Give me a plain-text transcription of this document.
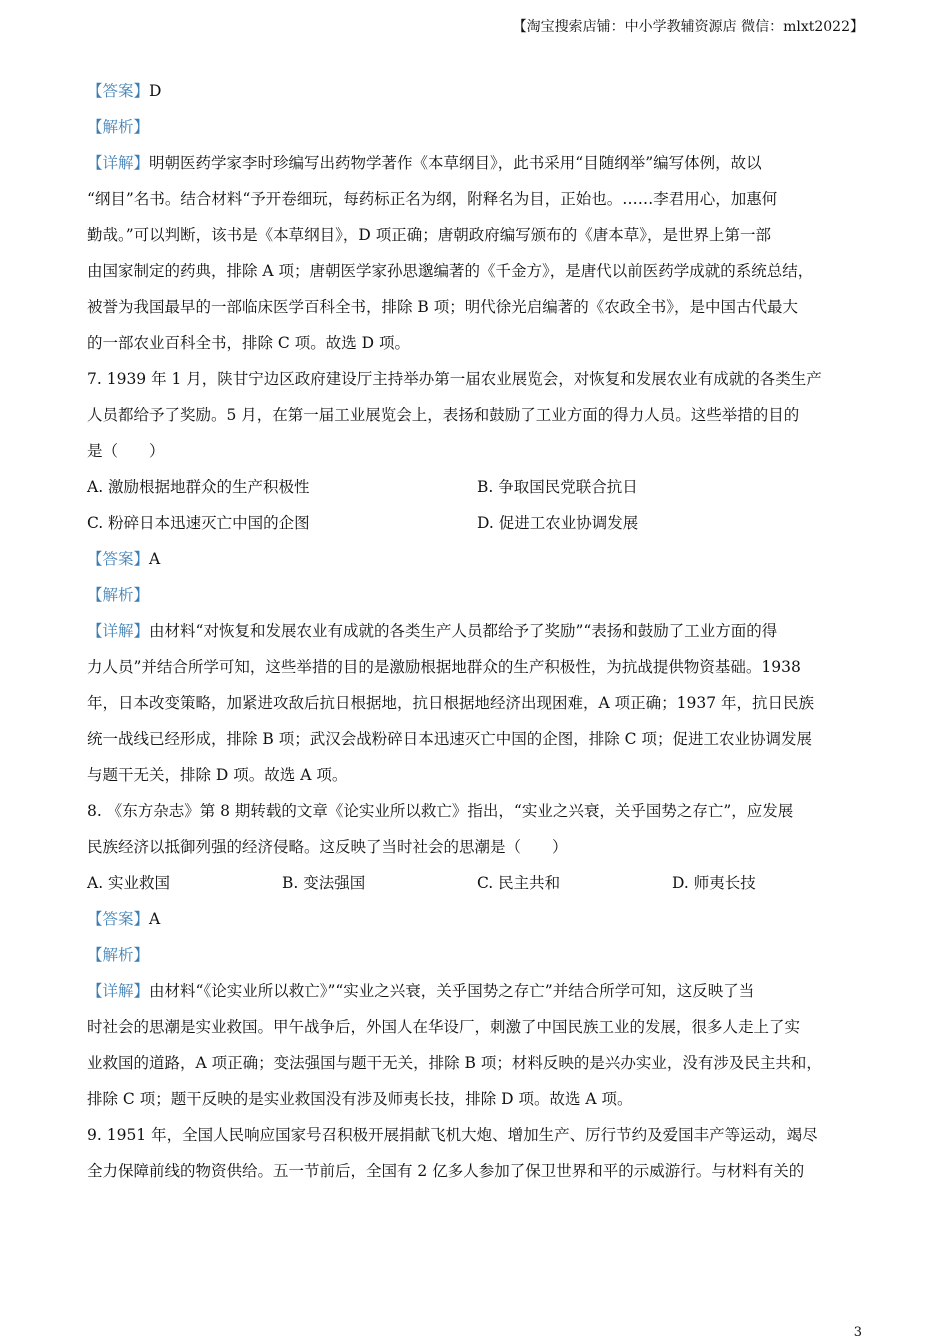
【淘宝搜索店铺：中小学教辅资源店 微信：mlxt2022】
【答案】D
【解析】
【详解】明朝医药学家李时珍编写出药物学著作《本草纲目》，此书采用“目随纲举”编写体例，故以
“纲目”名书。结合材料“予开卷细玩，每药标正名为纲，附释名为目，正始也。……李君用心，加惠何
勤哉。”可以判断，该书是《本草纲目》，D 项正确；唐朝政府编写颁布的《唐本草》，是世界上第一部
由国家制定的药典，排除 A 项；唐朝医学家孙思邈编著的《千金方》，是唐代以前医药学成就的系统总结，
被誉为我国最早的一部临床医学百科全书，排除 B 项；明代徐光启编著的《农政全书》，是中国古代最大
的一部农业百科全书，排除 C 项。故选 D 项。
7. 1939 年 1 月，陕甘宁边区政府建设厅主持举办第一届农业展览会，对恢复和发展农业有成就的各类生产
人员都给予了奖励。5 月，在第一届工业展览会上，表扬和鼓励了工业方面的得力人员。这些举措的目的
是（　　）
A. 激励根据地群众的生产积极性	B. 争取国民党联合抗日
C. 粉碎日本迅速灭亡中国的企图	D. 促进工农业协调发展
【答案】A
【解析】
【详解】由材料“对恢复和发展农业有成就的各类生产人员都给予了奖励”“表扬和鼓励了工业方面的得
力人员”并结合所学可知，这些举措的目的是激励根据地群众的生产积极性，为抗战提供物资基础。1938
年，日本改变策略，加紧进攻敌后抗日根据地，抗日根据地经济出现困难，A 项正确；1937 年，抗日民族
统一战线已经形成，排除 B 项；武汉会战粉碎日本迅速灭亡中国的企图，排除 C 项；促进工农业协调发展
与题干无关，排除 D 项。故选 A 项。
8. 《东方杂志》第 8 期转载的文章《论实业所以救亡》指出，“实业之兴衰，关乎国势之存亡”，应发展
民族经济以抵御列强的经济侵略。这反映了当时社会的思潮是（　　）
A. 实业救国	B. 变法强国	C. 民主共和	D. 师夷长技
【答案】A
【解析】
【详解】由材料“《论实业所以救亡》”“实业之兴衰，关乎国势之存亡”并结合所学可知，这反映了当
时社会的思潮是实业救国。甲午战争后，外国人在华设厂，刺激了中国民族工业的发展，很多人走上了实
业救国的道路，A 项正确；变法强国与题干无关，排除 B 项；材料反映的是兴办实业，没有涉及民主共和，
排除 C 项；题干反映的是实业救国没有涉及师夷长技，排除 D 项。故选 A 项。
9. 1951 年，全国人民响应国家号召积极开展捐献飞机大炮、增加生产、厉行节约及爱国丰产等运动，竭尽
全力保障前线的物资供给。五一节前后，全国有 2 亿多人参加了保卫世界和平的示威游行。与材料有关的
3
